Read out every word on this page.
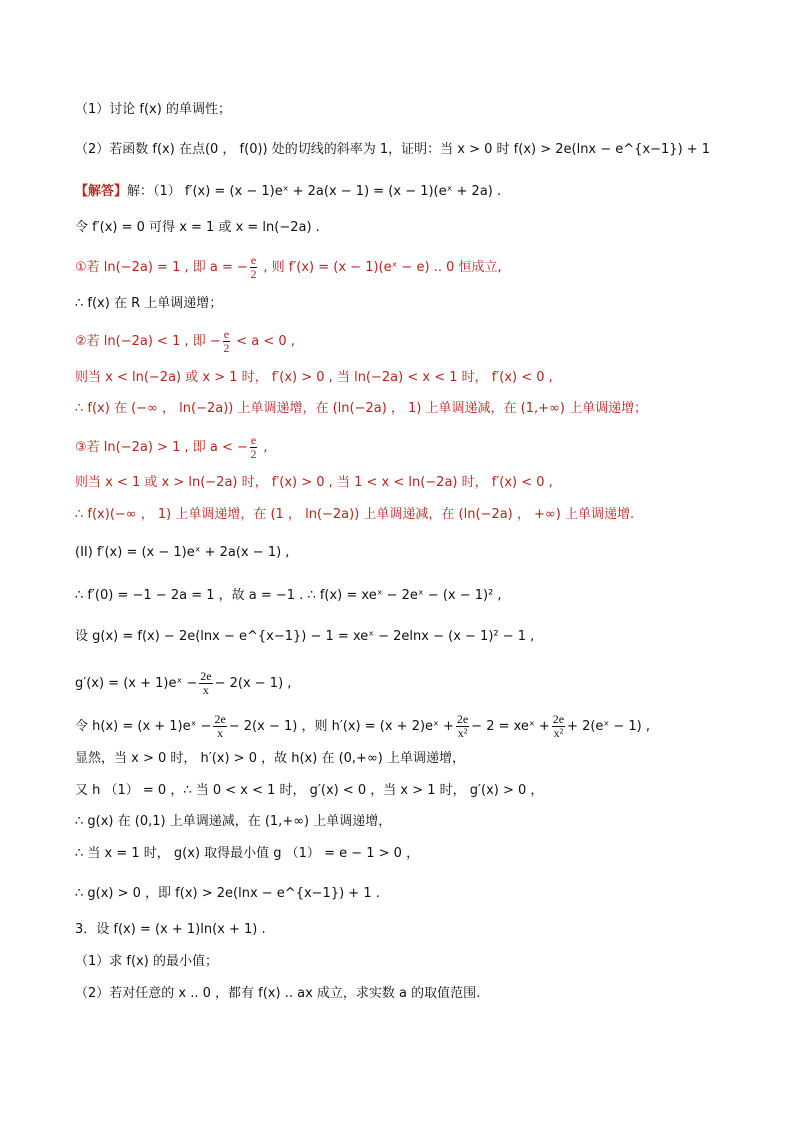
（1）讨论 f(x) 的单调性；
（2）若函数 f(x) 在点(0 ， f(0)) 处的切线的斜率为 1，证明：当 x > 0 时 f(x) > 2e(lnx − e^{x−1}) + 1
【解答】解：（1） f′(x) = (x − 1)eˣ + 2a(x − 1) = (x − 1)(eˣ + 2a) .
令 f′(x) = 0 可得 x = 1 或 x = ln(−2a) .
①若 ln(−2a) = 1 , 即 a = − $\frac{e}{2}$ , 则 f′(x) = (x − 1)(eˣ − e) .. 0 恒成立,
∴ f(x) 在 R 上单调递增；
②若 ln(−2a) < 1 , 即 − $\frac{e}{2} < a < 0$ ,
则当 x < ln(−2a) 或 x > 1 时， f′(x) > 0 , 当 ln(−2a) < x < 1 时， f′(x) < 0 ,
∴ f(x) 在 (−∞ ， ln(−2a)) 上单调递增，在 (ln(−2a) ， 1) 上单调递减，在 (1,+∞) 上单调递增；
③若 ln(−2a) > 1 , 即 a < − $\frac{e}{2}$ ,
则当 x < 1 或 x > ln(−2a) 时， f′(x) > 0 , 当 1 < x < ln(−2a) 时， f′(x) < 0 ,
∴ f(x)(−∞ ， 1) 上单调递增，在 (1 ， ln(−2a)) 上单调递减，在 (ln(−2a) ， +∞) 上单调递增.
(II) f′(x) = (x − 1)eˣ + 2a(x − 1) ,
∴ f′(0) = −1 − 2a = 1 ，故 a = −1 . ∴ f(x) = xeˣ − 2eˣ − (x − 1)² ,
设 g(x) = f(x) − 2e(lnx − e^{x−1}) − 1 = xeˣ − 2elnx − (x − 1)² − 1 ,
g′(x) = (x + 1)eˣ − $\frac{2e}{x} - 2(x - 1)$ ,
令 h(x) = (x + 1)eˣ − $\frac{2e}{x} - 2(x - 1)$ ，则 h′(x) = (x + 2)eˣ + $\frac{2e}{\text{x²}} - 2$ = xeˣ + $\frac{2e}{\text{x²}}$ + 2(eˣ − 1) ,
显然，当 x > 0 时， h′(x) > 0 ，故 h(x) 在 (0,+∞) 上单调递增，
又 h （1） = 0 ，∴ 当 0 < x < 1 时， g′(x) < 0 ，当 x > 1 时， g′(x) > 0 ，
∴ g(x) 在 (0,1) 上单调递减，在 (1,+∞) 上单调递增，
∴ 当 x = 1 时， g(x) 取得最小值 g （1） = e − 1 > 0 ，
∴ g(x) > 0 ，即 f(x) > 2e(lnx − e^{x−1}) + 1 .
3．设 f(x) = (x + 1)ln(x + 1) .
（1）求 f(x) 的最小值；
（2）若对任意的 x .. 0 ，都有 f(x) .. ax 成立，求实数 a 的取值范围.
